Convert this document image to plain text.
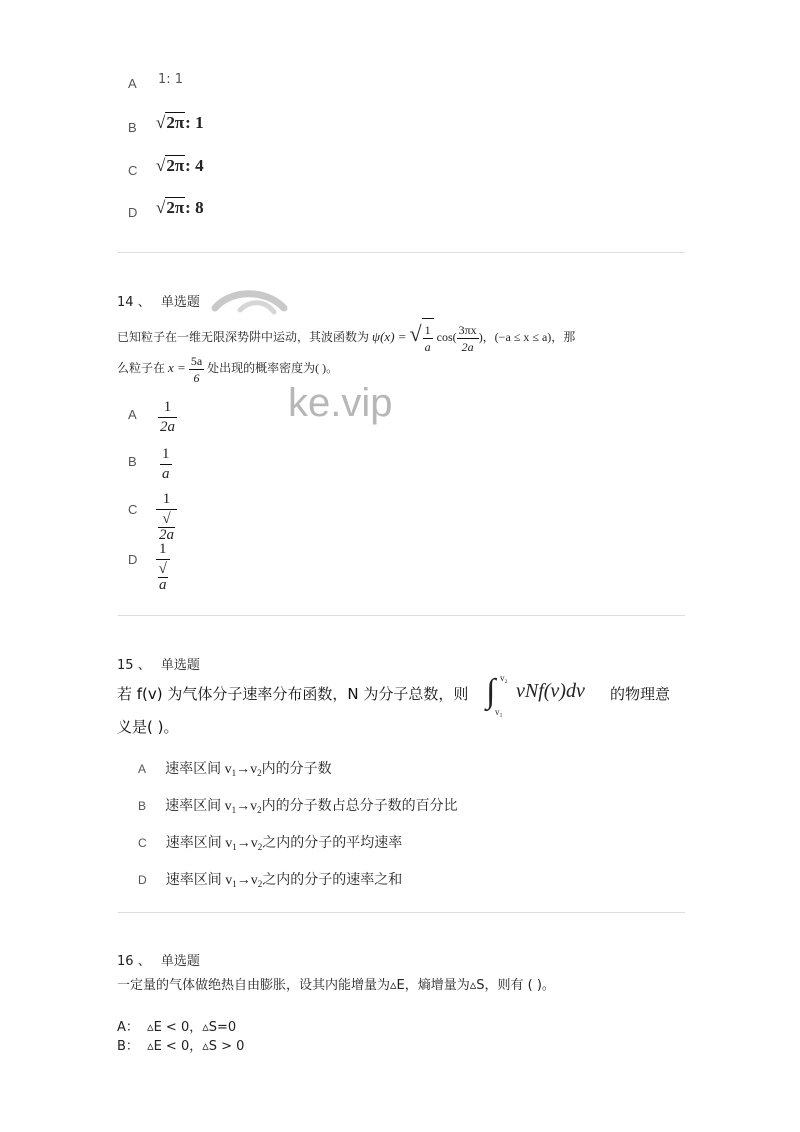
A 1: 1
B √2π: 1
C √2π: 4
D √2π: 8
14 、 单选题
ke.vip
已知粒子在一维无限深势阱中运动，其波函数为 ψ(x) = √ $\frac{1}{a} \cos( \frac{3\pi x}{2a}$ )，(−a ≤ x ≤ a)，那
么粒子在 $x = \frac{5a}{6}$ 处出现的概率密度为( )。
A $\frac{1}{2a}$
B $\frac{1}{a}$
C $\frac{1}{√2a}$
D $\frac{1}{√a}$
15 、 单选题
若 f(v) 为气体分子速率分布函数，N 为分子总数，则 ∫ v₂
v₁
vNf(v)dv 的物理意
义是( )。
A 速率区间 $v_1\to v_2$内的分子数
B 速率区间 $v_1\to v_2$内的分子数占总分子数的百分比
C 速率区间 $v_1\to v_2$之内的分子的平均速率
D 速率区间 $v_1\to v_2$之内的分子的速率之和
16 、 单选题
一定量的气体做绝热自由膨胀，设其内能增量为▵E，熵增量为▵S，则有 ( )。
A： ▵E < 0，▵S=0
B： ▵E < 0，▵S > 0
